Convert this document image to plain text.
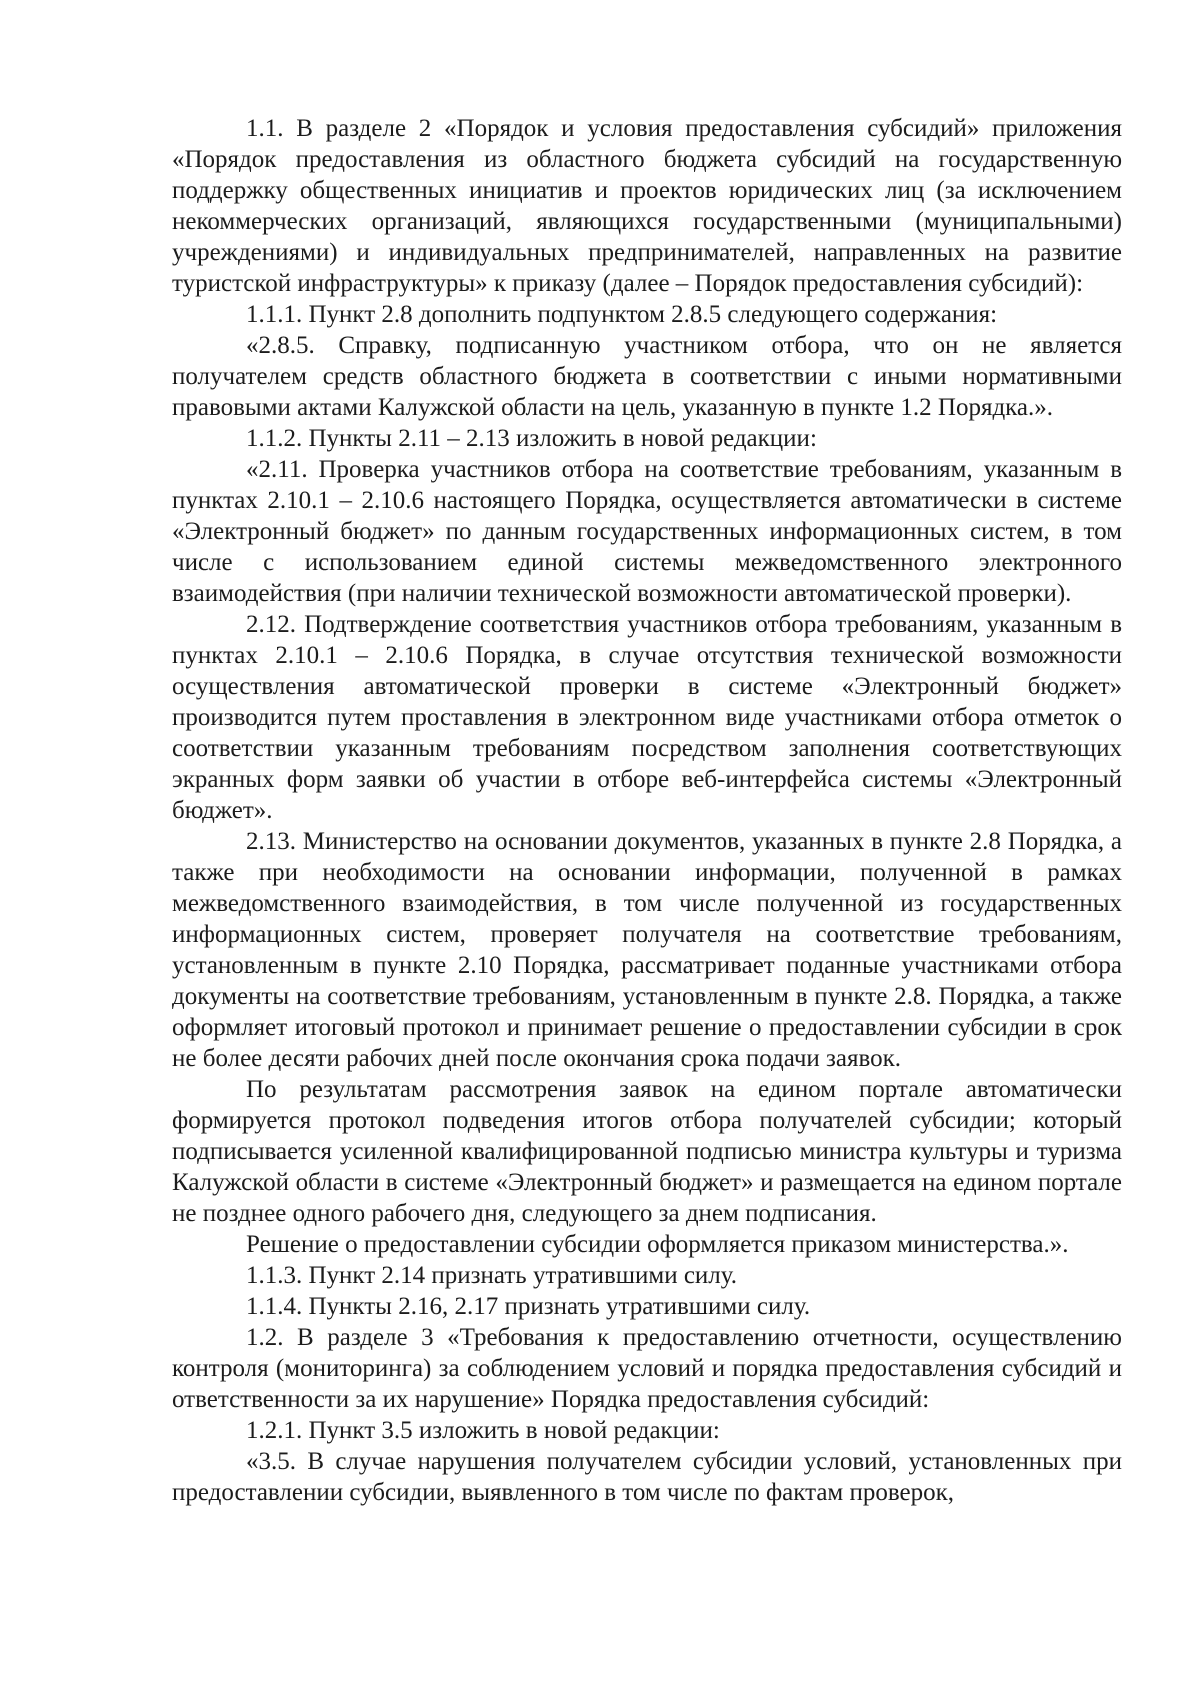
1.1. В разделе 2 «Порядок и условия предоставления субсидий» приложения «Порядок предоставления из областного бюджета субсидий на государственную поддержку общественных инициатив и проектов юридических лиц (за исключением некоммерческих организаций, являющихся государственными (муниципальными) учреждениями) и индивидуальных предпринимателей, направленных на развитие туристской инфраструктуры» к приказу (далее – Порядок предоставления субсидий):

1.1.1. Пункт 2.8 дополнить подпунктом 2.8.5 следующего содержания:

«2.8.5. Справку, подписанную участником отбора, что он не является получателем средств областного бюджета в соответствии с иными нормативными правовыми актами Калужской области на цель, указанную в пункте 1.2 Порядка.».

1.1.2. Пункты 2.11 – 2.13 изложить в новой редакции:

«2.11. Проверка участников отбора на соответствие требованиям, указанным в пунктах 2.10.1 – 2.10.6 настоящего Порядка, осуществляется автоматически в системе «Электронный бюджет» по данным государственных информационных систем, в том числе с использованием единой системы межведомственного электронного взаимодействия (при наличии технической возможности автоматической проверки).

2.12. Подтверждение соответствия участников отбора требованиям, указанным в пунктах 2.10.1 – 2.10.6 Порядка, в случае отсутствия технической возможности осуществления автоматической проверки в системе «Электронный бюджет» производится путем проставления в электронном виде участниками отбора отметок о соответствии указанным требованиям посредством заполнения соответствующих экранных форм заявки об участии в отборе веб-интерфейса системы «Электронный бюджет».

2.13. Министерство на основании документов, указанных в пункте 2.8 Порядка, а также при необходимости на основании информации, полученной в рамках межведомственного взаимодействия, в том числе полученной из государственных информационных систем, проверяет получателя на соответствие требованиям, установленным в пункте 2.10 Порядка, рассматривает поданные участниками отбора документы на соответствие требованиям, установленным в пункте 2.8. Порядка, а также оформляет итоговый протокол и принимает решение о предоставлении субсидии в срок не более десяти рабочих дней после окончания срока подачи заявок.

По результатам рассмотрения заявок на едином портале автоматически формируется протокол подведения итогов отбора получателей субсидии; который подписывается усиленной квалифицированной подписью министра культуры и туризма Калужской области в системе «Электронный бюджет» и размещается на едином портале не позднее одного рабочего дня, следующего за днем подписания.

Решение о предоставлении субсидии оформляется приказом министерства.».

1.1.3. Пункт 2.14 признать утратившими силу.

1.1.4. Пункты 2.16, 2.17 признать утратившими силу.

1.2. В разделе 3 «Требования к предоставлению отчетности, осуществлению контроля (мониторинга) за соблюдением условий и порядка предоставления субсидий и ответственности за их нарушение» Порядка предоставления субсидий:

1.2.1. Пункт 3.5 изложить в новой редакции:

«3.5. В случае нарушения получателем субсидии условий, установленных при предоставлении субсидии, выявленного в том числе по фактам проверок,
